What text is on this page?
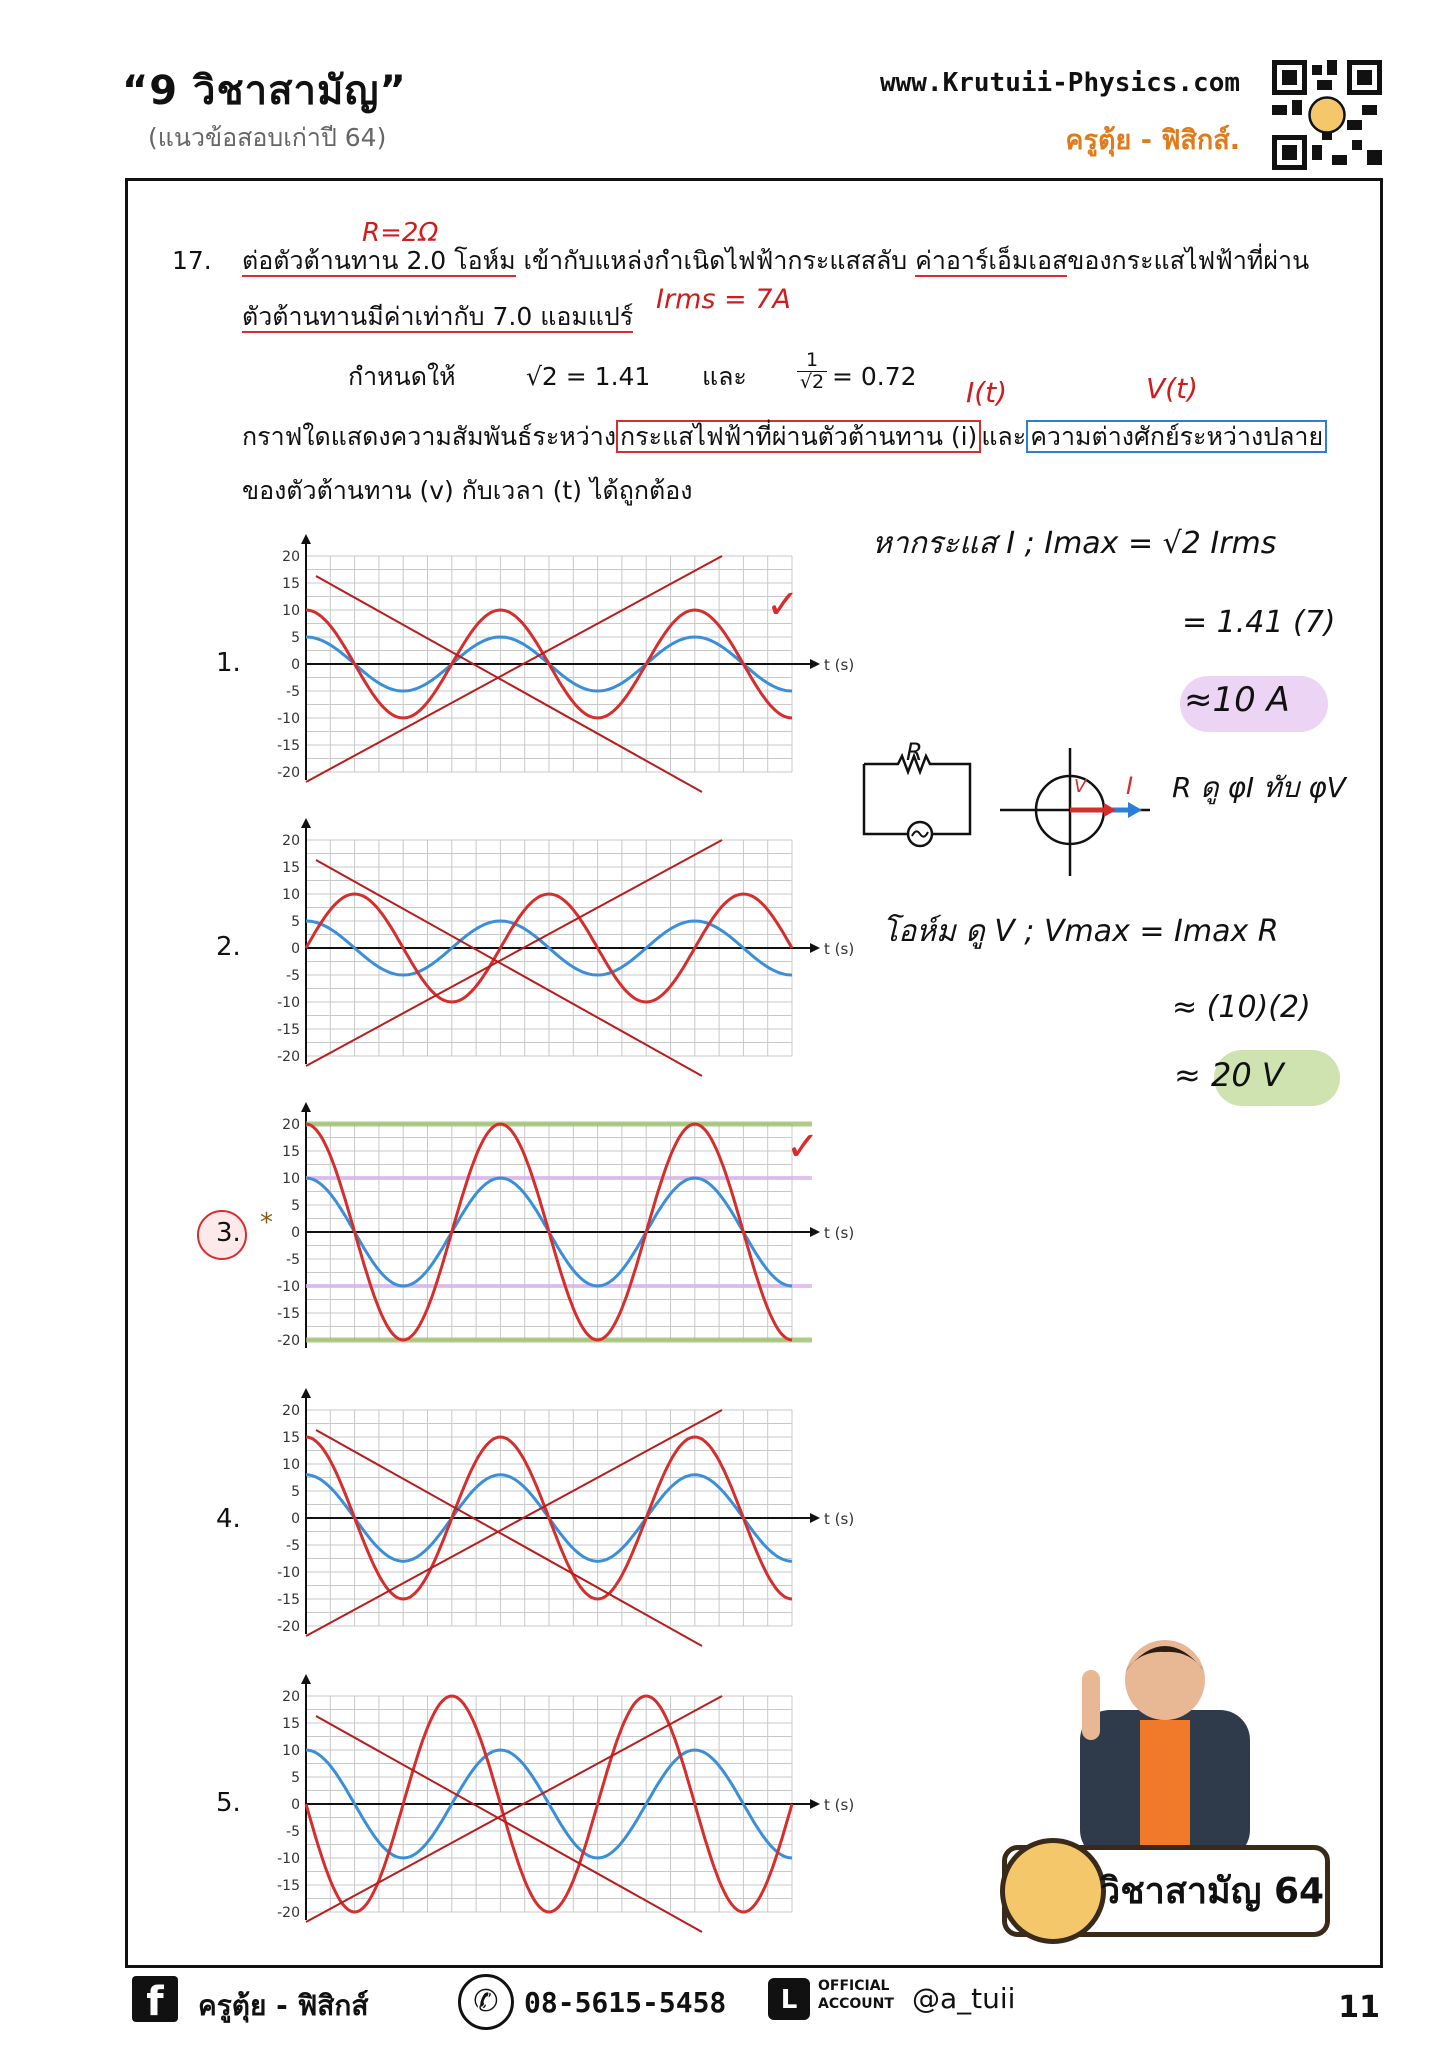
“9 วิชาสามัญ”
(แนวข้อสอบเก่าปี 64)
www.Krutuii-Physics.com
ครูตุ้ย - ฟิสิกส์.
17. ต่อตัวต้านทาน 2.0 โอห์ม เข้ากับแหล่งกำเนิดไฟฟ้ากระแสสลับ ค่าอาร์เอ็มเอสของกระแสไฟฟ้าที่ผ่าน
ตัวต้านทานมีค่าเท่ากับ 7.0 แอมแปร์
กำหนดให้	√2 = 1.41 และ	$\frac{1}{√2} = 0.72$
กราฟใดแสดงความสัมพันธ์ระหว่าง กระแสไฟฟ้าที่ผ่านตัวต้านทาน (i) และ ความต่างศักย์ระหว่างปลาย
ของตัวต้านทาน (v) กับเวลา (t) ได้ถูกต้อง
R=2Ω
Irms = 7A
I(t)	V(t)
1.
2.
3. *
4.
5.
t (s)
20
15
10
5
0
-5
-10
-15
-20
t (s)
20
15
10
5
0
-5
-10
-15
-20
t (s)
20
15
10
5
0
-5
-10
-15
-20
t (s)
20
15
10
5
0
-5
-10
-15
-20
t (s)
20
15
10
5
0
-5
-10
-15
-20
✓
✓
หากระแส I ; Imax = √2 Irms
= 1.41 (7)
≈10 A
R
V I R ดู φI ทับ φV
โอห์ม ดู V ; Vmax = Imax R
≈ (10)(2)
≈ 20 V
วิชาสามัญ 64
f	ครูตุ้ย - ฟิสิกส์	✆ 08-5615-5458	L	OFFICIAL
ACCOUNT @a_tuii	11
